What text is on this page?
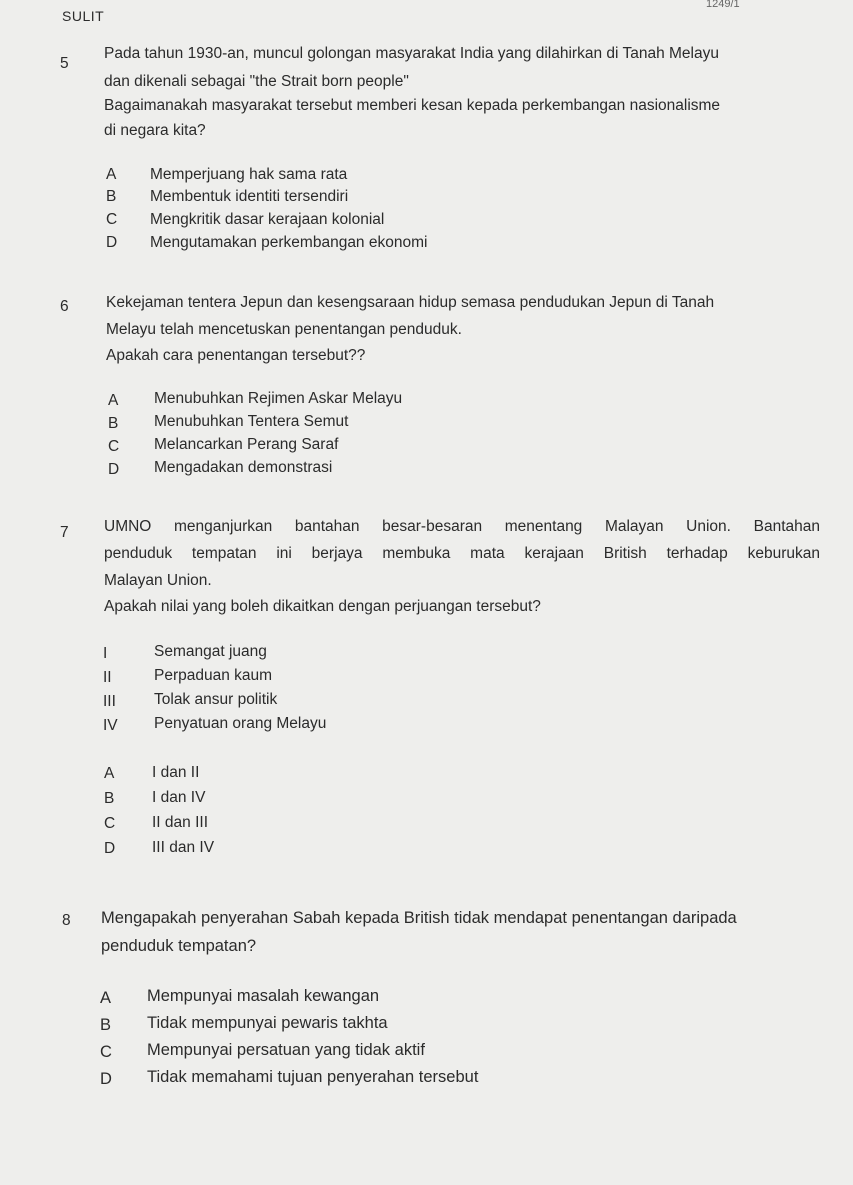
SULIT
1249/1
5
Pada tahun 1930-an, muncul golongan masyarakat India yang dilahirkan di Tanah Melayu
dan dikenali sebagai "the Strait born people"
Bagaimanakah masyarakat tersebut memberi kesan kepada perkembangan nasionalisme
di negara kita?
A Memperjuang hak sama rata
B Membentuk identiti tersendiri
C Mengkritik dasar kerajaan kolonial
D Mengutamakan perkembangan ekonomi
6 Kekejaman tentera Jepun dan kesengsaraan hidup semasa pendudukan Jepun di Tanah
Melayu telah mencetuskan penentangan penduduk.
Apakah cara penentangan tersebut??
A Menubuhkan Rejimen Askar Melayu
B Menubuhkan Tentera Semut
C Melancarkan Perang Saraf
D Mengadakan demonstrasi
7 UMNO menganjurkan bantahan besar-besaran menentang Malayan Union. Bantahan
penduduk tempatan ini berjaya membuka mata kerajaan British terhadap keburukan
Malayan Union.
Apakah nilai yang boleh dikaitkan dengan perjuangan tersebut?
I	Semangat juang
II	Perpaduan kaum
III Tolak ansur politik
IV Penyatuan orang Melayu
A I dan II
B I dan IV
C II dan III
D III dan IV
8 Mengapakah penyerahan Sabah kepada British tidak mendapat penentangan daripada
penduduk tempatan?
A Mempunyai masalah kewangan
B Tidak mempunyai pewaris takhta
C Mempunyai persatuan yang tidak aktif
D Tidak memahami tujuan penyerahan tersebut
